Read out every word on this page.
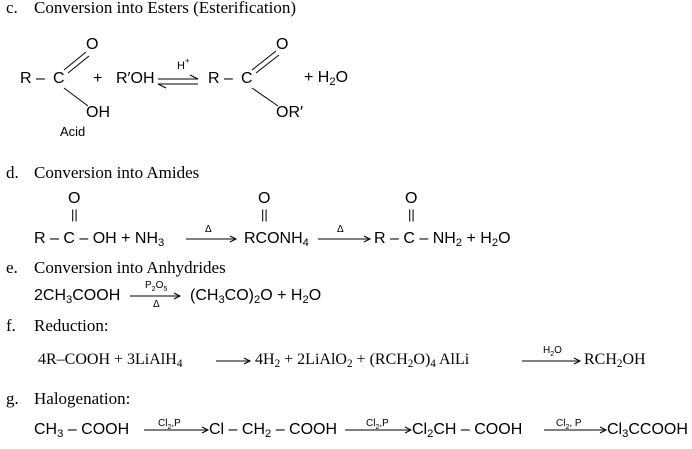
c. Conversion into Esters (Esterification)
O
R – C
OH
Acid
+ R′OH
H+
O
R – C
OR′
+ $H_2O$
d. Conversion into Amides
O
||
R – C – OH + $NH_3$
Δ
O
||
$RCONH_4$
Δ
O
||
$R - C - NH_2 + H_2O$
e. Conversion into Anhydrides
$2CH_3COOH$
$P_2O_5$
Δ
$(CH_3CO)_2O + H_2O$
f. Reduction:
4R–COOH + 3LiAlH$_4$	$4H_2$ + 2LiAlO$_2$ + $(RCH_2O)_4$ AlLi
$H_2O$
$RCH_2OH$
g. Halogenation:
$CH_3$ – COOH	$Cl_2,P$ Cl – $CH_2$ – COOH	$Cl_2,P$ $Cl_2CH$ – COOH	$Cl_2$, P $Cl_3CCOOH$
